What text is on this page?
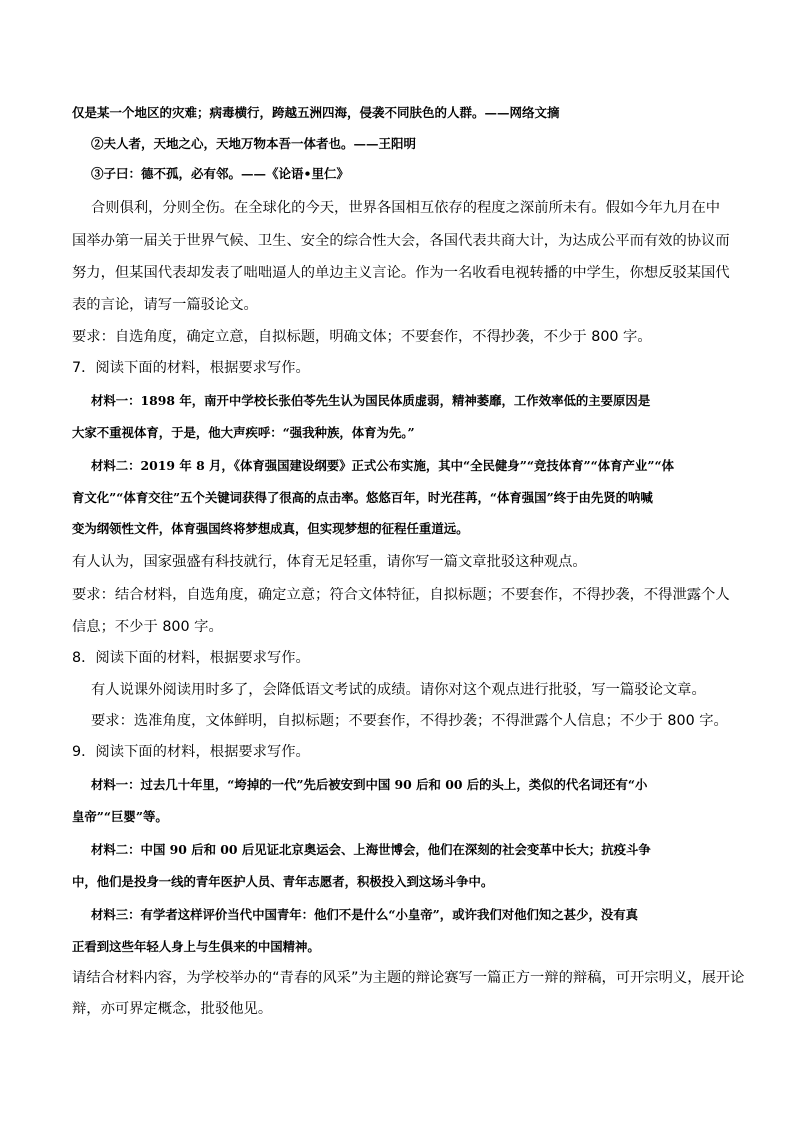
仅是某一个地区的灾难；病毒横行，跨越五洲四海，侵袭不同肤色的人群。——网络文摘
②夫人者，天地之心，天地万物本吾一体者也。——王阳明
③子曰：德不孤，必有邻。——《论语•里仁》
合则俱利，分则全伤。在全球化的今天，世界各国相互依存的程度之深前所未有。假如今年九月在中
国举办第一届关于世界气候、卫生、安全的综合性大会，各国代表共商大计，为达成公平而有效的协议而
努力，但某国代表却发表了咄咄逼人的单边主义言论。作为一名收看电视转播的中学生，你想反驳某国代
表的言论，请写一篇驳论文。
要求：自选角度，确定立意，自拟标题，明确文体；不要套作，不得抄袭，不少于 800 字。
7．阅读下面的材料，根据要求写作。
材料一：1898 年，南开中学校长张伯苓先生认为国民体质虚弱，精神萎靡，工作效率低的主要原因是
大家不重视体育，于是，他大声疾呼：“强我种族，体育为先。”
材料二：2019 年 8 月，《体育强国建设纲要》正式公布实施，其中“全民健身”“竞技体育”“体育产业”“体
育文化”“体育交往”五个关键词获得了很高的点击率。悠悠百年，时光荏苒，“体育强国”终于由先贤的呐喊
变为纲领性文件，体育强国终将梦想成真，但实现梦想的征程任重道远。
有人认为，国家强盛有科技就行，体育无足轻重，请你写一篇文章批驳这种观点。
要求：结合材料，自选角度，确定立意；符合文体特征，自拟标题；不要套作，不得抄袭，不得泄露个人
信息；不少于 800 字。
8．阅读下面的材料，根据要求写作。
有人说课外阅读用时多了，会降低语文考试的成绩。请你对这个观点进行批驳，写一篇驳论文章。
要求：选准角度，文体鲜明，自拟标题；不要套作，不得抄袭；不得泄露个人信息；不少于 800 字。
9．阅读下面的材料，根据要求写作。
材料一：过去几十年里，“垮掉的一代”先后被安到中国 90 后和 00 后的头上，类似的代名词还有“小
皇帝”“巨婴”等。
材料二：中国 90 后和 00 后见证北京奥运会、上海世博会，他们在深刻的社会变革中长大；抗疫斗争
中，他们是投身一线的青年医护人员、青年志愿者，积极投入到这场斗争中。
材料三：有学者这样评价当代中国青年：他们不是什么“小皇帝”，或许我们对他们知之甚少，没有真
正看到这些年轻人身上与生俱来的中国精神。
请结合材料内容，为学校举办的“青春的风采”为主题的辩论赛写一篇正方一辩的辩稿，可开宗明义，展开论
辩，亦可界定概念，批驳他见。
